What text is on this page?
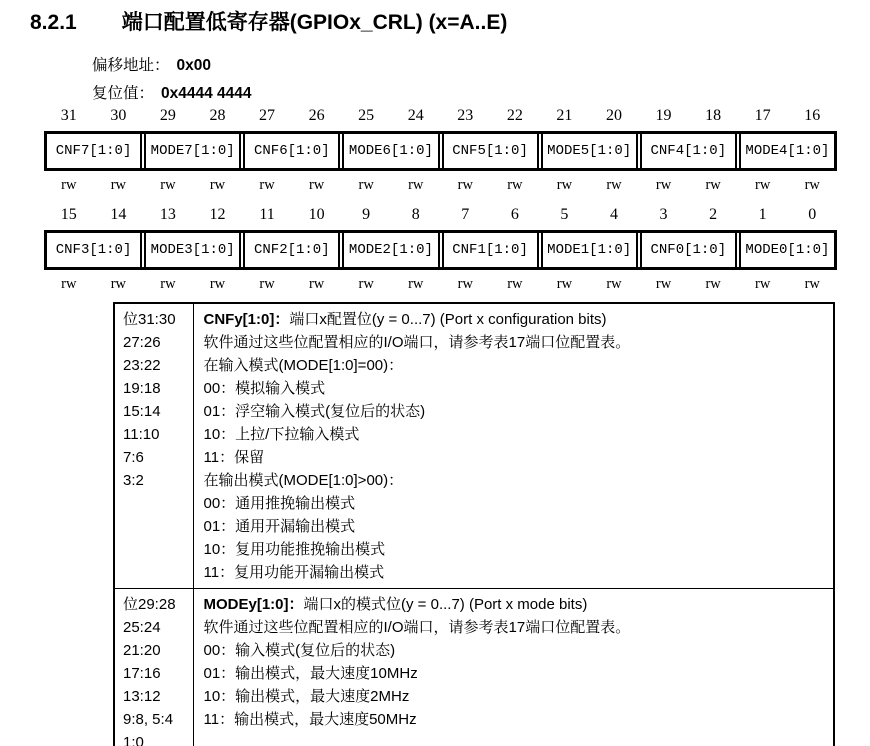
8.2.1 端口配置低寄存器(GPIOx_CRL) (x=A..E)
偏移地址： 0x00
复位值： 0x4444 4444
31	30	29	28	27	26	25	24	23	22	21	20	19	18	17	16
CNF7[1:0]	MODE7[1:0]	CNF6[1:0]	MODE6[1:0]	CNF5[1:0]	MODE5[1:0]	CNF4[1:0]	MODE4[1:0]
rw	rw	rw	rw	rw	rw	rw	rw	rw	rw	rw	rw	rw	rw	rw	rw
15	14	13	12	11	10	9	8	7	6	5	4	3	2	1	0
CNF3[1:0]	MODE3[1:0]	CNF2[1:0]	MODE2[1:0]	CNF1[1:0]	MODE1[1:0]	CNF0[1:0]	MODE0[1:0]
rw	rw	rw	rw	rw	rw	rw	rw	rw	rw	rw	rw	rw	rw	rw	rw
位31:30
27:26
23:22
19:18
15:14
11:10
7:6
3:2

CNFy[1:0]：端口x配置位(y = 0...7) (Port x configuration bits)
软件通过这些位配置相应的I/O端口，请参考表17端口位配置表。
在输入模式(MODE[1:0]=00)：
00：模拟输入模式
01：浮空输入模式(复位后的状态)
10：上拉/下拉输入模式
11：保留
在输出模式(MODE[1:0]>00)：
00：通用推挽输出模式
01：通用开漏输出模式
10：复用功能推挽输出模式
11：复用功能开漏输出模式

位29:28
25:24
21:20
17:16
13:12
9:8, 5:4
1:0

MODEy[1:0]：端口x的模式位(y = 0...7) (Port x mode bits)
软件通过这些位配置相应的I/O端口，请参考表17端口位配置表。
00：输入模式(复位后的状态)
01：输出模式，最大速度10MHz
10：输出模式，最大速度2MHz
11：输出模式，最大速度50MHz
